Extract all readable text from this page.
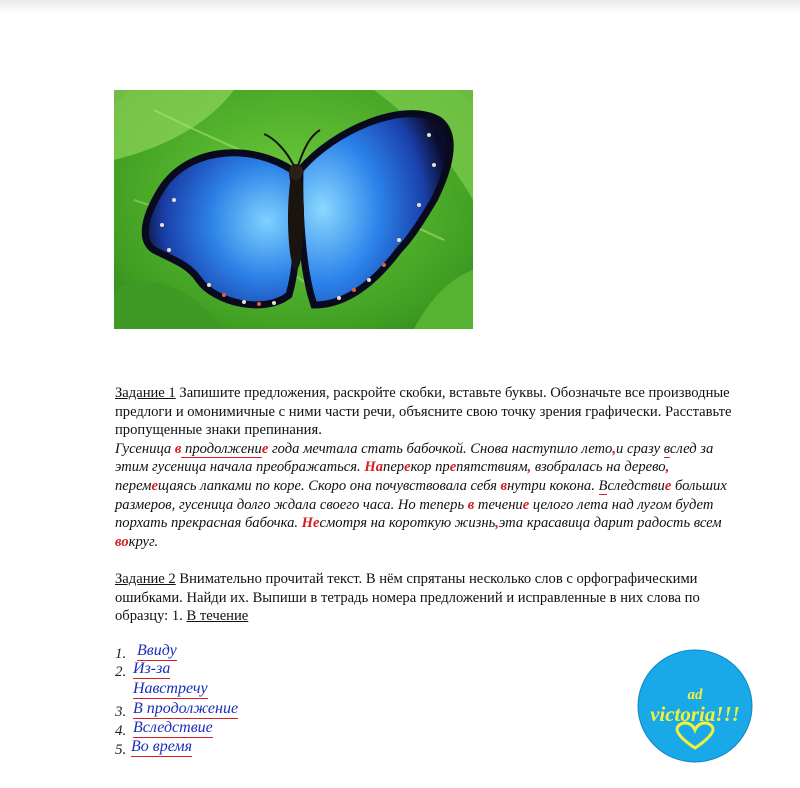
Задание 1 Запишите предложения, раскройте скобки, вставьте буквы. Обозначьте все производные предлоги и омонимичные с ними части речи, объясните свою точку зрения графически. Расставьте пропущенные знаки препинания.
Гусеница в продолжение года мечтала стать бабочкой. Снова наступило лето,и сразу вслед за этим гусеница начала преображаться. Наперекор препятствиям, взобралась на дерево, перемещаясь лапками по коре. Скоро она почувствовала себя внутри кокона. Вследствие больших размеров, гусеница долго ждала своего часа. Но теперь в течение целого лета над лугом будет порхать прекрасная бабочка. Несмотря на короткую жизнь,эта красавица дарит радость всем вокруг.
Задание 2 Внимательно прочитай текст. В нём спрятаны несколько слов с орфографическими ошибками. Найди их. Выпиши в тетрадь номера предложений и исправленные в них слова по образцу: 1. В течение
1. Ввиду
2. Из-за
Навстречу
3. В продолжение
4. Вследствие
5. Во время
ad
victoria!!!
